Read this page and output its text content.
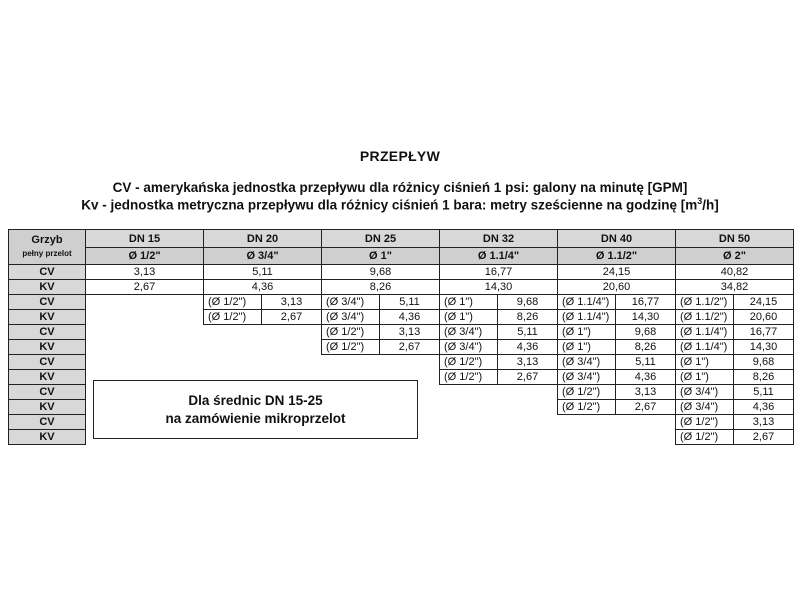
PRZEPŁYW
CV - amerykańska jednostka przepływu dla różnicy ciśnień 1 psi: galony na minutę [GPM]
Kv - jednostka metryczna przepływu dla różnicy ciśnień 1 bara: metry sześcienne na godzinę $[m^3/h]$
Grzyb
pełny przelot	DN 15	DN 20		DN 25		DN 32		DN 40		DN 50	
	Ø 1/2"	Ø 3/4"		Ø 1"		Ø 1.1/4"		Ø 1.1/2"		Ø 2"	
CV	3,13	5,11		9,68		16,77		24,15		40,82	
KV	2,67	4,36		8,26		14,30		20,60		34,82	
CV		(Ø 1/2")	3,13	(Ø 3/4")	5,11	(Ø 1")	9,68	(Ø 1.1/4")	16,77	(Ø 1.1/2")	24,15
KV		(Ø 1/2")	2,67	(Ø 3/4")	4,36	(Ø 1")	8,26	(Ø 1.1/4")	14,30	(Ø 1.1/2")	20,60
CV				(Ø 1/2")	3,13	(Ø 3/4")	5,11	(Ø 1")	9,68	(Ø 1.1/4")	16,77
KV				(Ø 1/2")	2,67	(Ø 3/4")	4,36	(Ø 1")	8,26	(Ø 1.1/4")	14,30
CV						(Ø 1/2")	3,13	(Ø 3/4")	5,11	(Ø 1")	9,68
KV						(Ø 1/2")	2,67	(Ø 3/4")	4,36	(Ø 1")	8,26
CV								(Ø 1/2")	3,13	(Ø 3/4")	5,11
KV								(Ø 1/2")	2,67	(Ø 3/4")	4,36
CV										(Ø 1/2")	3,13
KV										(Ø 1/2")	2,67
Dla średnic DN 15-25
na zamówienie mikroprzelot
